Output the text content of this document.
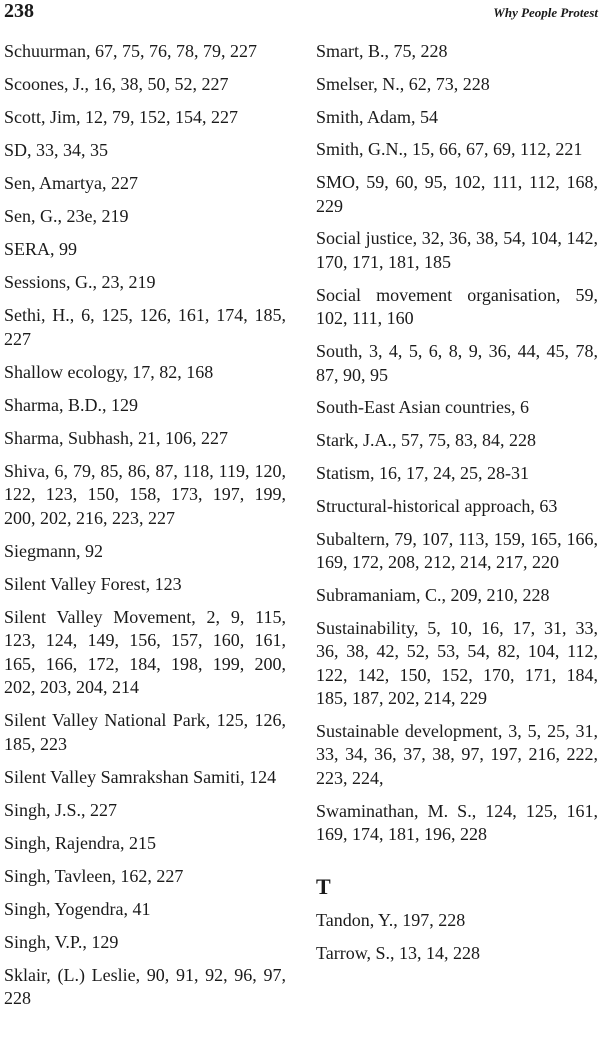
238	Why People Protest

Schuurman, 67, 75, 76, 78, 79, 227

Scoones, J., 16, 38, 50, 52, 227

Scott, Jim, 12, 79, 152, 154, 227

SD, 33, 34, 35

Sen, Amartya, 227

Sen, G., 23e, 219

SERA, 99

Sessions, G., 23, 219

Sethi, H., 6, 125, 126, 161, 174, 185, 227

Shallow ecology, 17, 82, 168

Sharma, B.D., 129

Sharma, Subhash, 21, 106, 227

Shiva, 6, 79, 85, 86, 87, 118, 119, 120, 122, 123, 150, 158, 173, 197, 199, 200, 202, 216, 223, 227

Siegmann, 92

Silent Valley Forest, 123

Silent Valley Movement, 2, 9, 115, 123, 124, 149, 156, 157, 160, 161, 165, 166, 172, 184, 198, 199, 200, 202, 203, 204, 214

Silent Valley National Park, 125, 126, 185, 223

Silent Valley Samrakshan Samiti, 124

Singh, J.S., 227

Singh, Rajendra, 215

Singh, Tavleen, 162, 227

Singh, Yogendra, 41

Singh, V.P., 129

Sklair, (L.) Leslie, 90, 91, 92, 96, 97, 228

Smart, B., 75, 228

Smelser, N., 62, 73, 228

Smith, Adam, 54

Smith, G.N., 15, 66, 67, 69, 112, 221

SMO, 59, 60, 95, 102, 111, 112, 168, 229

Social justice, 32, 36, 38, 54, 104, 142, 170, 171, 181, 185

Social movement organisation, 59, 102, 111, 160

South, 3, 4, 5, 6, 8, 9, 36, 44, 45, 78, 87, 90, 95

South-East Asian countries, 6

Stark, J.A., 57, 75, 83, 84, 228

Statism, 16, 17, 24, 25, 28-31

Structural-historical approach, 63

Subaltern, 79, 107, 113, 159, 165, 166, 169, 172, 208, 212, 214, 217, 220

Subramaniam, C., 209, 210, 228

Sustainability, 5, 10, 16, 17, 31, 33, 36, 38, 42, 52, 53, 54, 82, 104, 112, 122, 142, 150, 152, 170, 171, 184, 185, 187, 202, 214, 229

Sustainable development, 3, 5, 25, 31, 33, 34, 36, 37, 38, 97, 197, 216, 222, 223, 224,

Swaminathan, M. S., 124, 125, 161, 169, 174, 181, 196, 228

T

Tandon, Y., 197, 228

Tarrow, S., 13, 14, 228
